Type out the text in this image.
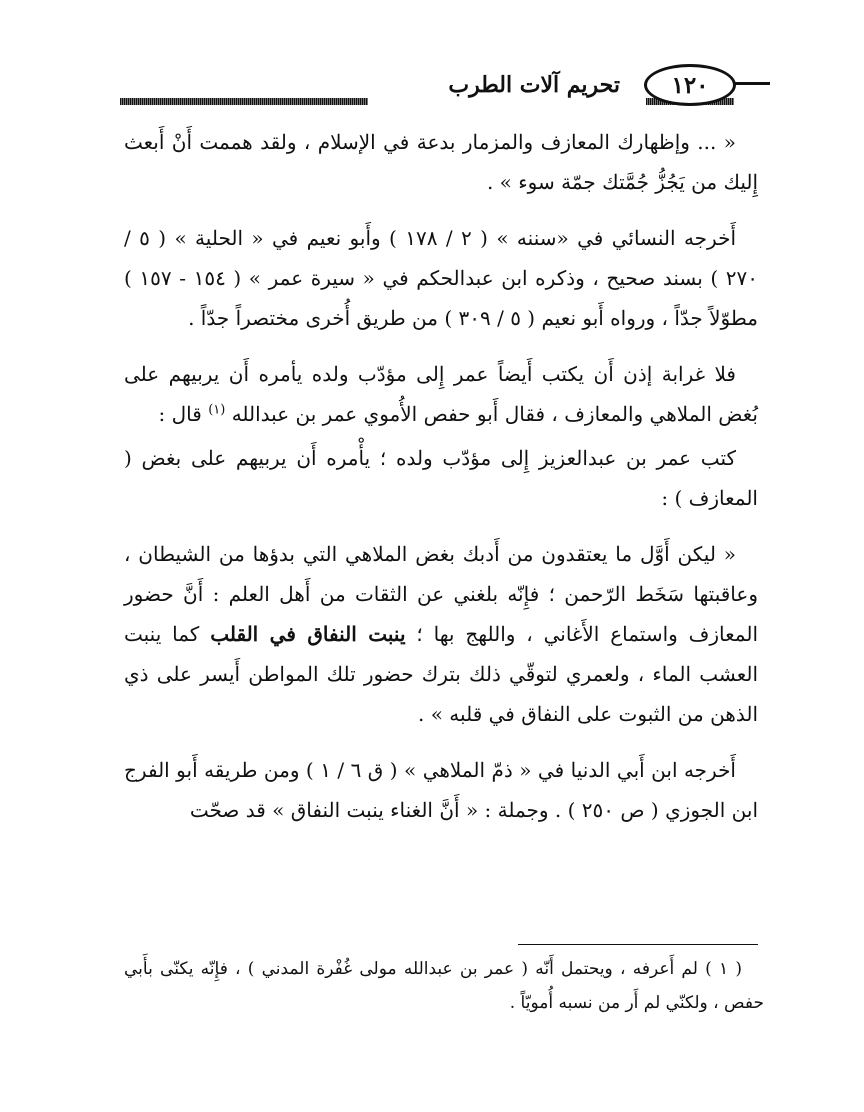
١٢٠
تحريم آلات الطرب

« ... وإظهارك المعازف والمزمار بدعة في الإسلام ، ولقد هممت أَنْ أَبعث إِليك من يَجُزُّ جُمَّتك جمّة سوء » .

أَخرجه النسائي في «سننه » ( ٢ / ١٧٨ ) وأَبو نعيم في « الحلية » ( ٥ / ٢٧٠ ) بسند صحيح ، وذكره ابن عبدالحكم في « سيرة عمر » ( ١٥٤ - ١٥٧ ) مطوّلاً جدّاً ، ورواه أَبو نعيم ( ٥ / ٣٠٩ ) من طريق أُخرى مختصراً جدّاً .

فلا غرابة إذن أَن يكتب أَيضاً عمر إِلى مؤدّب ولده يأمره أَن يربيهم على بُغض الملاهي والمعازف ، فقال أَبو حفص الأُموي عمر بن عبدالله $^{(١)}$ قال :

كتب عمر بن عبدالعزيز إِلى مؤدّب ولده ؛ يأْمره أَن يربيهم على بغض ( المعازف ) :

« ليكن أَوَّل ما يعتقدون من أَدبك بغض الملاهي التي بدؤها من الشيطان ، وعاقبتها سَخَط الرّحمن ؛ فإِنّه بلغني عن الثقات من أَهل العلم : أَنَّ حضور المعازف واستماع الأَغاني ، واللهج بها ؛ ينبت النفاق في القلب كما ينبت العشب الماء ، ولعمري لتوقّي ذلك بترك حضور تلك المواطن أَيسر على ذي الذهن من الثبوت على النفاق في قلبه » .

أَخرجه ابن أَبي الدنيا في « ذمّ الملاهي » ( ق ٦ / ١ ) ومن طريقه أَبو الفرج ابن الجوزي ( ص ٢٥٠ ) . وجملة : « أَنَّ الغناء ينبت النفاق » قد صحّت

( ١ ) لم أَعرفه ، ويحتمل أَنّه ( عمر بن عبدالله مولى غُفْرة المدني ) ، فإِنّه يكنّى بأَبي حفص ، ولكنّي لم أَر من نسبه أُمويّاً .
